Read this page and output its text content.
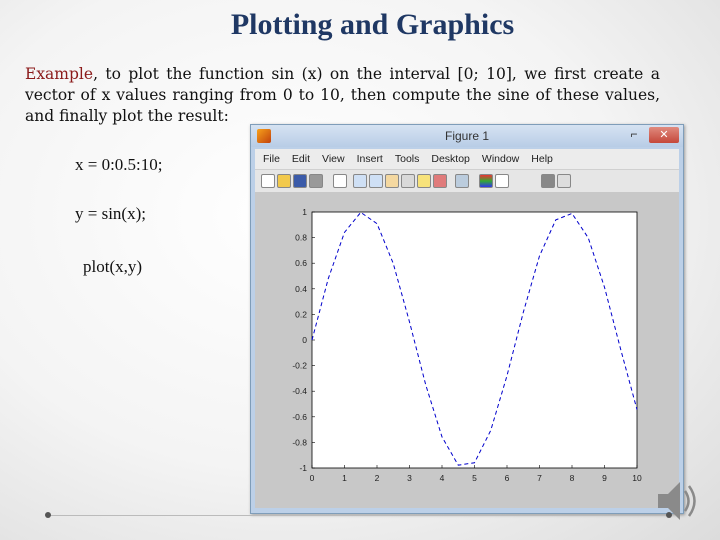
Plotting and Graphics
Example, to plot the function sin (x) on the interval [0; 10], we first create a vector of x values ranging from 0 to 10, then compute the sine of these values, and finally plot the result:
x = 0:0.5:10;
y = sin(x);
plot(x,y)
Figure 1	⌐	✕
File Edit View Insert Tools Desktop Window Help
-1
-0.8
-0.6
-0.4
-0.2
0
0.2
0.4
0.6
0.8
1
0	1	2	3	4	5	6	7	8	9	10
